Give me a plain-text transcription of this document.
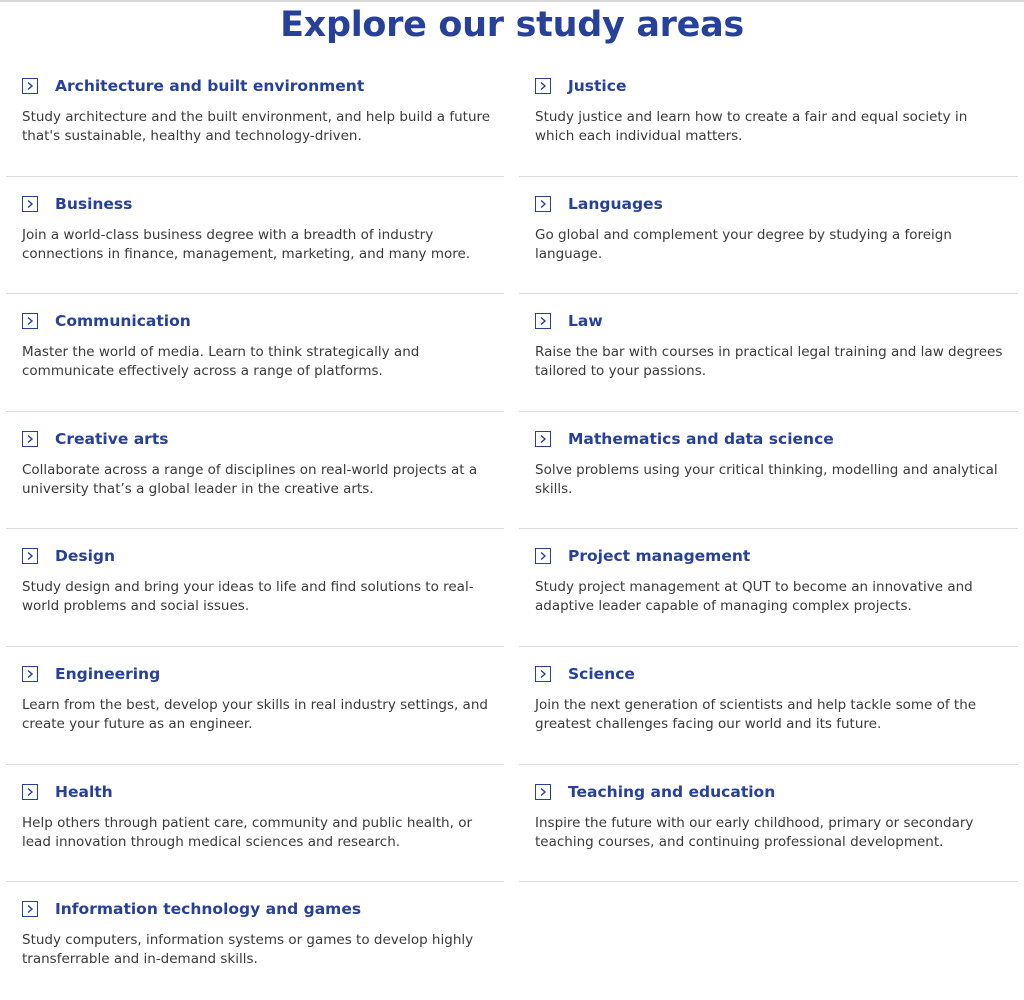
Explore our study areas
Architecture and built environment

Study architecture and the built environment, and help build a future that's sustainable, healthy and technology-driven.

Business

Join a world-class business degree with a breadth of industry connections in finance, management, marketing, and many more.

Communication

Master the world of media. Learn to think strategically and communicate effectively across a range of platforms.

Creative arts

Collaborate across a range of disciplines on real-world projects at a university that’s a global leader in the creative arts.

Design

Study design and bring your ideas to life and find solutions to real-world problems and social issues.

Engineering

Learn from the best, develop your skills in real industry settings, and create your future as an engineer.

Health

Help others through patient care, community and public health, or lead innovation through medical sciences and research.

Information technology and games

Study computers, information systems or games to develop highly transferrable and in-demand skills.

Justice

Study justice and learn how to create a fair and equal society in which each individual matters.

Languages

Go global and complement your degree by studying a foreign language.

Law

Raise the bar with courses in practical legal training and law degrees tailored to your passions.

Mathematics and data science

Solve problems using your critical thinking, modelling and analytical skills.

Project management

Study project management at QUT to become an innovative and adaptive leader capable of managing complex projects.

Science

Join the next generation of scientists and help tackle some of the greatest challenges facing our world and its future.

Teaching and education

Inspire the future with our early childhood, primary or secondary teaching courses, and continuing professional development.
